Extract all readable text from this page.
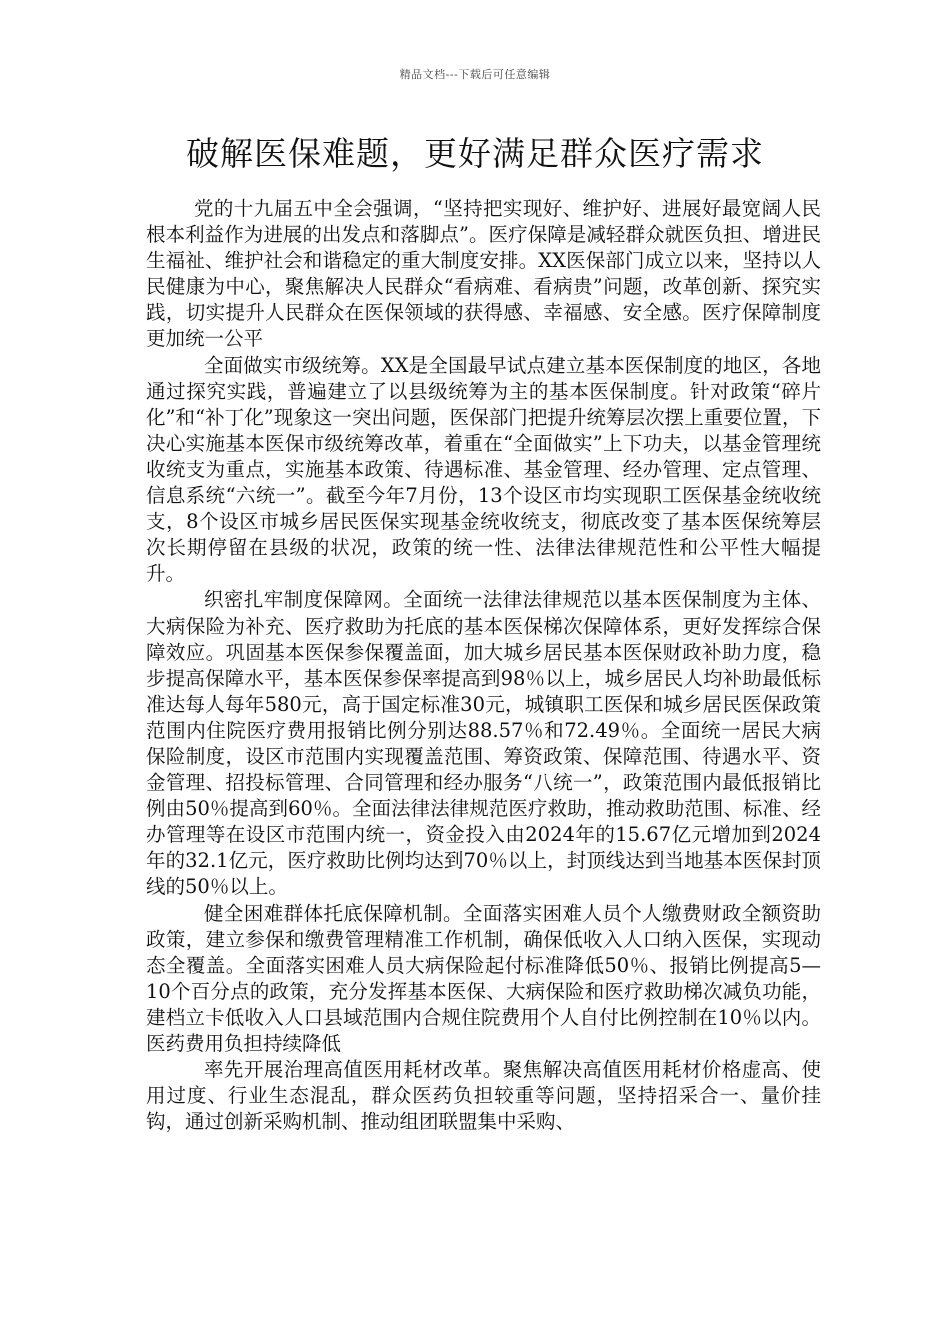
精品文档---下载后可任意编辑
破解医保难题，更好满足群众医疗需求

党的十九届五中全会强调，“坚持把实现好、维护好、进展好最宽阔人民根本利益作为进展的出发点和落脚点”。医疗保障是减轻群众就医负担、增进民生福祉、维护社会和谐稳定的重大制度安排。XX医保部门成立以来，坚持以人民健康为中心，聚焦解决人民群众“看病难、看病贵”问题，改革创新、探究实践，切实提升人民群众在医保领域的获得感、幸福感、安全感。医疗保障制度更加统一公平

全面做实市级统筹。XX是全国最早试点建立基本医保制度的地区，各地通过探究实践，普遍建立了以县级统筹为主的基本医保制度。针对政策“碎片化”和“补丁化”现象这一突出问题，医保部门把提升统筹层次摆上重要位置，下决心实施基本医保市级统筹改革，着重在“全面做实”上下功夫，以基金管理统收统支为重点，实施基本政策、待遇标准、基金管理、经办管理、定点管理、信息系统“六统一”。截至今年7月份，13个设区市均实现职工医保基金统收统支，8个设区市城乡居民医保实现基金统收统支，彻底改变了基本医保统筹层次长期停留在县级的状况，政策的统一性、法律法律规范性和公平性大幅提升。

织密扎牢制度保障网。全面统一法律法律规范以基本医保制度为主体、大病保险为补充、医疗救助为托底的基本医保梯次保障体系，更好发挥综合保障效应。巩固基本医保参保覆盖面，加大城乡居民基本医保财政补助力度，稳步提高保障水平，基本医保参保率提高到98％以上，城乡居民人均补助最低标准达每人每年580元，高于国定标准30元，城镇职工医保和城乡居民医保政策范围内住院医疗费用报销比例分别达88.57％和72.49％。全面统一居民大病保险制度，设区市范围内实现覆盖范围、筹资政策、保障范围、待遇水平、资金管理、招投标管理、合同管理和经办服务“八统一”，政策范围内最低报销比例由50％提高到60％。全面法律法律规范医疗救助，推动救助范围、标准、经办管理等在设区市范围内统一，资金投入由2024年的15.67亿元增加到2024年的32.1亿元，医疗救助比例均达到70％以上，封顶线达到当地基本医保封顶线的50％以上。

健全困难群体托底保障机制。全面落实困难人员个人缴费财政全额资助政策，建立参保和缴费管理精准工作机制，确保低收入人口纳入医保，实现动态全覆盖。全面落实困难人员大病保险起付标准降低50％、报销比例提高5—10个百分点的政策，充分发挥基本医保、大病保险和医疗救助梯次减负功能，建档立卡低收入人口县域范围内合规住院费用个人自付比例控制在10％以内。医药费用负担持续降低

率先开展治理高值医用耗材改革。聚焦解决高值医用耗材价格虚高、使用过度、行业生态混乱，群众医药负担较重等问题，坚持招采合一、量价挂钩，通过创新采购机制、推动组团联盟集中采购、
